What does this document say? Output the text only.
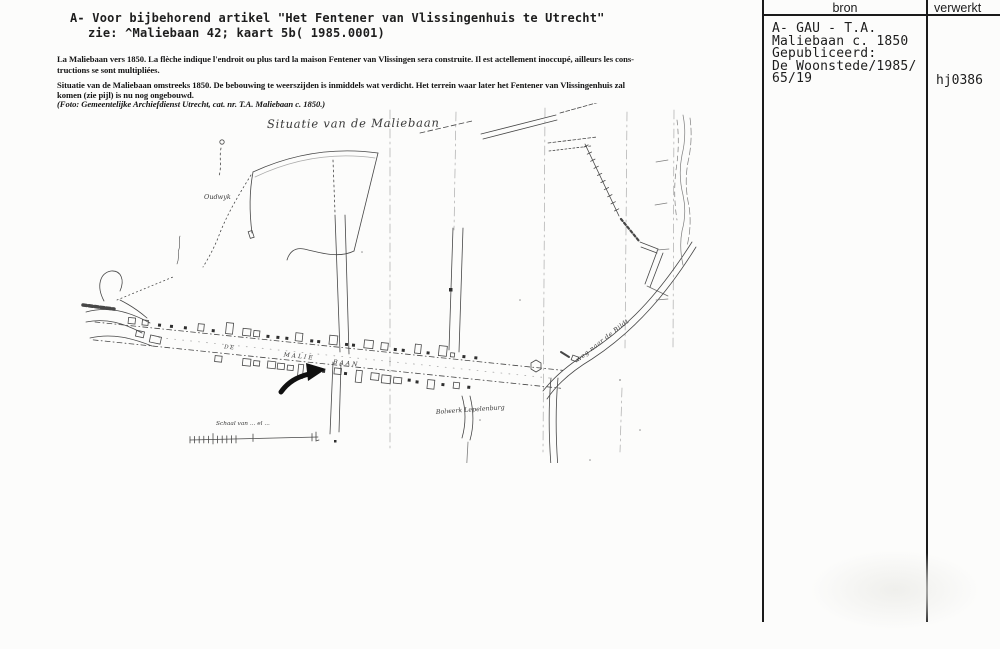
A- Voor bijbehorend artikel "Het Fentener van Vlissingenhuis te Utrecht"
zie: ^Maliebaan 42; kaart 5b( 1985.0001)
La Maliebaan vers 1850. La flèche indique l'endroit ou plus tard la maison Fentener van Vlissingen sera construite. Il est actellement inoccupé, ailleurs les cons-
tructions se sont multipliées.
Situatie van de Maliebaan omstreeks 1850. De bebouwing te weerszijden is inmiddels wat verdicht. Het terrein waar later het Fentener van Vlissingenhuis zal
komen (zie pijl) is nu nog ongebouwd.
(Foto: Gemeentelijke Archiefdienst Utrecht, cat. nr. T.A. Maliebaan c. 1850.)
DE
MALIE
BAAN
Schaal van ... el ...
Situatie van de Maliebaan
Oudwyk
Bolwerk Lepelenburg
weg naar de Bildt
bron	verwerkt
A- GAU - T.A.
Maliebaan c. 1850
Gepubliceerd:
De Woonstede/1985/
65/19	hj0386
